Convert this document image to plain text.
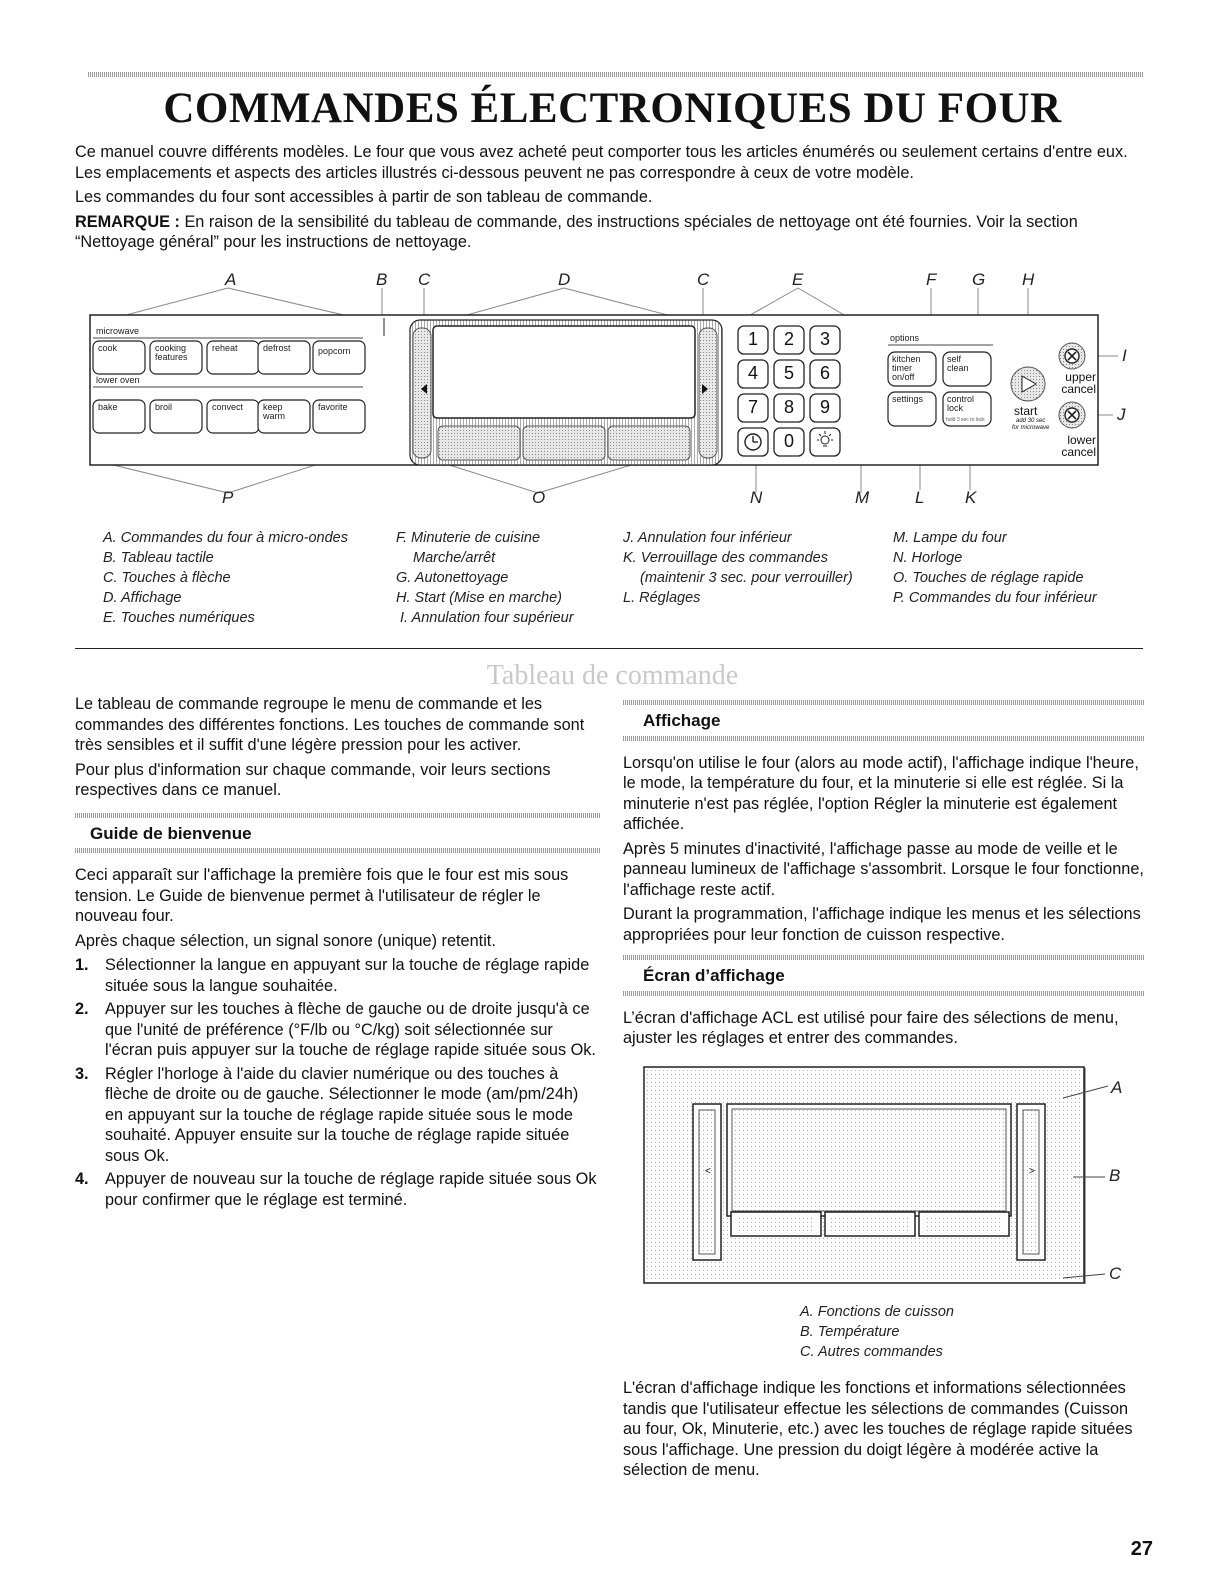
COMMANDES ÉLECTRONIQUES DU FOUR

Ce manuel couvre différents modèles. Le four que vous avez acheté peut comporter tous les articles énumérés ou seulement certains d'entre eux. Les emplacements et aspects des articles illustrés ci-dessous peuvent ne pas correspondre à ceux de votre modèle.

Les commandes du four sont accessibles à partir de son tableau de commande.

REMARQUE : En raison de la sensibilité du tableau de commande, des instructions spéciales de nettoyage ont été fournies. Voir la section “Nettoyage général” pour les instructions de nettoyage.

A	B C	D	C	E	F G H
I
J
P	O	N	M	L K
microwave
lower oven
cook	cooking features
reheat	defrost	popcorn
bake	broil	convect keep warm
favorite
1 2 3
4 5 6
7 8 9
0
options
kitchen timer on/off
self clean
settings	control lock
hold 3 sec to lock
start
add 30 sec
for microwave
upper cancel
lower cancel
A. Commandes du four à micro-ondes
B. Tableau tactile
C. Touches à flèche
D. Affichage
E. Touches numériques
F. Minuterie de cuisine
Marche/arrêt
G. Autonettoyage
H. Start (Mise en marche)
I. Annulation four supérieur
J. Annulation four inférieur
K. Verrouillage des commandes
(maintenir 3 sec. pour verrouiller)
L. Réglages
M. Lampe du four
N. Horloge
O. Touches de réglage rapide
P. Commandes du four inférieur
Tableau de commande

Le tableau de commande regroupe le menu de commande et les commandes des différentes fonctions. Les touches de commande sont très sensibles et il suffit d'une légère pression pour les activer.

Pour plus d'information sur chaque commande, voir leurs sections respectives dans ce manuel.

Guide de bienvenue

Ceci apparaît sur l'affichage la première fois que le four est mis sous tension. Le Guide de bienvenue permet à l'utilisateur de régler le nouveau four.

Après chaque sélection, un signal sonore (unique) retentit.

1. Sélectionner la langue en appuyant sur la touche de réglage rapide située sous la langue souhaitée.
2. Appuyer sur les touches à flèche de gauche ou de droite jusqu'à ce que l'unité de préférence (°F/lb ou °C/kg) soit sélectionnée sur l'écran puis appuyer sur la touche de réglage rapide située sous Ok.
3. Régler l'horloge à l'aide du clavier numérique ou des touches à flèche de droite ou de gauche. Sélectionner le mode (am/pm/24h) en appuyant sur la touche de réglage rapide située sous le mode souhaité. Appuyer ensuite sur la touche de réglage rapide située sous Ok.
4. Appuyer de nouveau sur la touche de réglage rapide située sous Ok pour confirmer que le réglage est terminé.
Affichage

Lorsqu'on utilise le four (alors au mode actif), l'affichage indique l'heure, le mode, la température du four, et la minuterie si elle est réglée. Si la minuterie n'est pas réglée, l'option Régler la minuterie est également affichée.

Après 5 minutes d'inactivité, l'affichage passe au mode de veille et le panneau lumineux de l'affichage s'assombrit. Lorsque le four fonctionne, l'affichage reste actif.

Durant la programmation, l'affichage indique les menus et les sélections appropriées pour leur fonction de cuisson respective.

Écran d’affichage

L’écran d'affichage ACL est utilisé pour faire des sélections de menu, ajuster les réglages et entrer des commandes.

<	>
A
B
C
A. Fonctions de cuisson
B. Température
C. Autres commandes

L'écran d'affichage indique les fonctions et informations sélectionnées tandis que l'utilisateur effectue les sélections de commandes (Cuisson au four, Ok, Minuterie, etc.) avec les touches de réglage rapide situées sous l'affichage. Une pression du doigt légère à modérée active la sélection de menu.

27
